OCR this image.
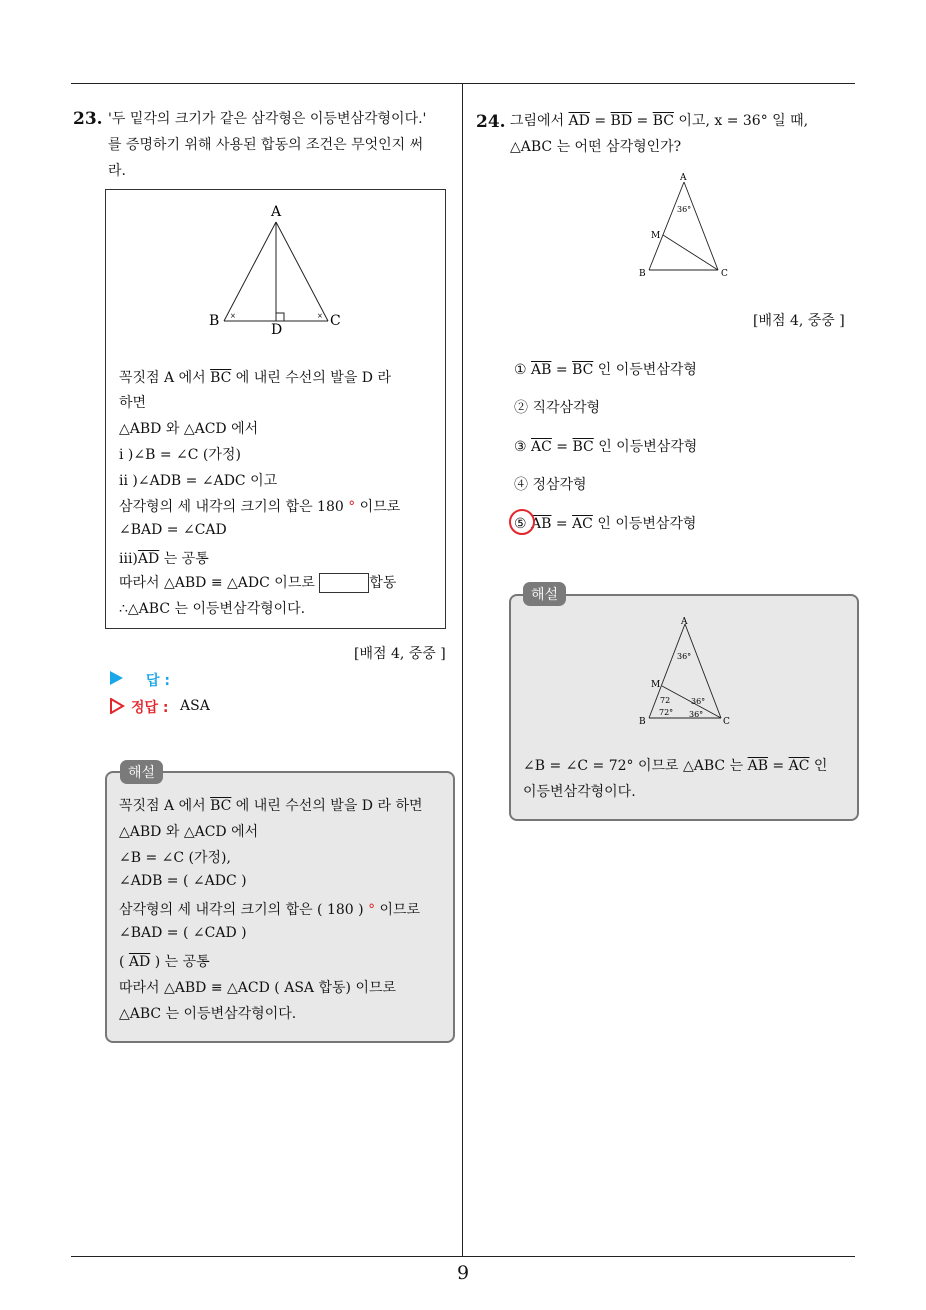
9
23. '두 밑각의 크기가 같은 삼각형은 이등변삼각형이다.'
를 증명하기 위해 사용된 합동의 조건은 무엇인지 써
라.
A
B	C
D
×	×
꼭짓점 A 에서 $\overline{BC}$ 에 내린 수선의 발을 D 라
하면
△ABD 와 △ACD 에서
i )∠B = ∠C (가정)
ii )∠ADB = ∠ADC 이고
삼각형의 세 내각의 크기의 합은 180 ° 이므로
∠BAD = ∠CAD
$iii)\overline{AD}$ 는 공통
따라서 △ABD ≡ △ADC 이므로	합동
∴△ABC 는 이등변삼각형이다.
[배점 4, 중중 ]
답 :
정답 : ASA
꼭짓점 A 에서 $\overline{BC}$ 에 내린 수선의 발을 D 라 하면
△ABD 와 △ACD 에서
∠B = ∠C (가정),
∠ADB = ( ∠ADC )
삼각형의 세 내각의 크기의 합은 ( 180 ) ° 이므로
∠BAD = ( ∠CAD )
( $\overline{AD}$ ) 는 공통
따라서 △ABD ≡ △ACD ( ASA 합동) 이므로
△ABC 는 이등변삼각형이다.
해설
24. 그림에서 $\overline{AD} = \overline{BD} = \overline{BC}$ 이고, x = 36° 일 때,
△ABC 는 어떤 삼각형인가?
A
M
B	C
36°
[배점 4, 중중 ]
① $\overline{AB} = \overline{BC}$ 인 이등변삼각형
② 직각삼각형
③ $\overline{AC} = \overline{BC}$ 인 이등변삼각형
④ 정삼각형
⑤ $\overline{AB} = \overline{AC}$ 인 이등변삼각형
A
M
B	C
36°
72	36°
72° 36°
∠B = ∠C = 72° 이므로 △ABC 는 $\overline{AB} = \overline{AC}$ 인
이등변삼각형이다.
해설
